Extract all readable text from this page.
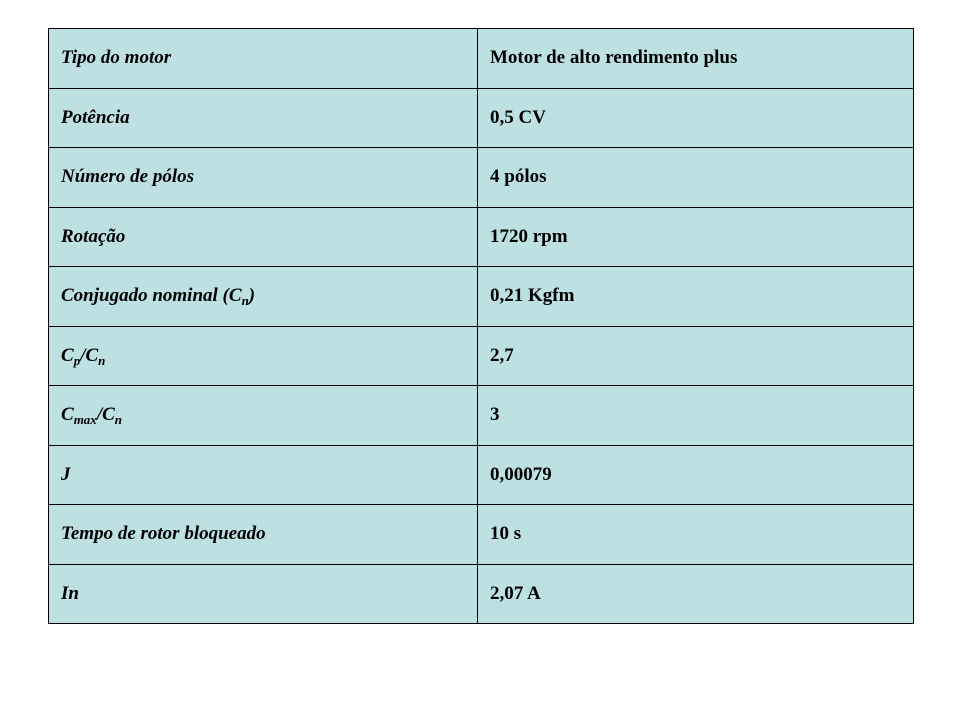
Tipo do motor	Motor de alto rendimento plus
Potência	0,5 CV
Número de pólos	4 pólos
Rotação	1720 rpm
Conjugado nominal $(C_n)$	0,21 Kgfm
$C_p/C_n$	2,7
$C_{max}/C_n$	3
J	0,00079
Tempo de rotor bloqueado	10 s
In	2,07 A
